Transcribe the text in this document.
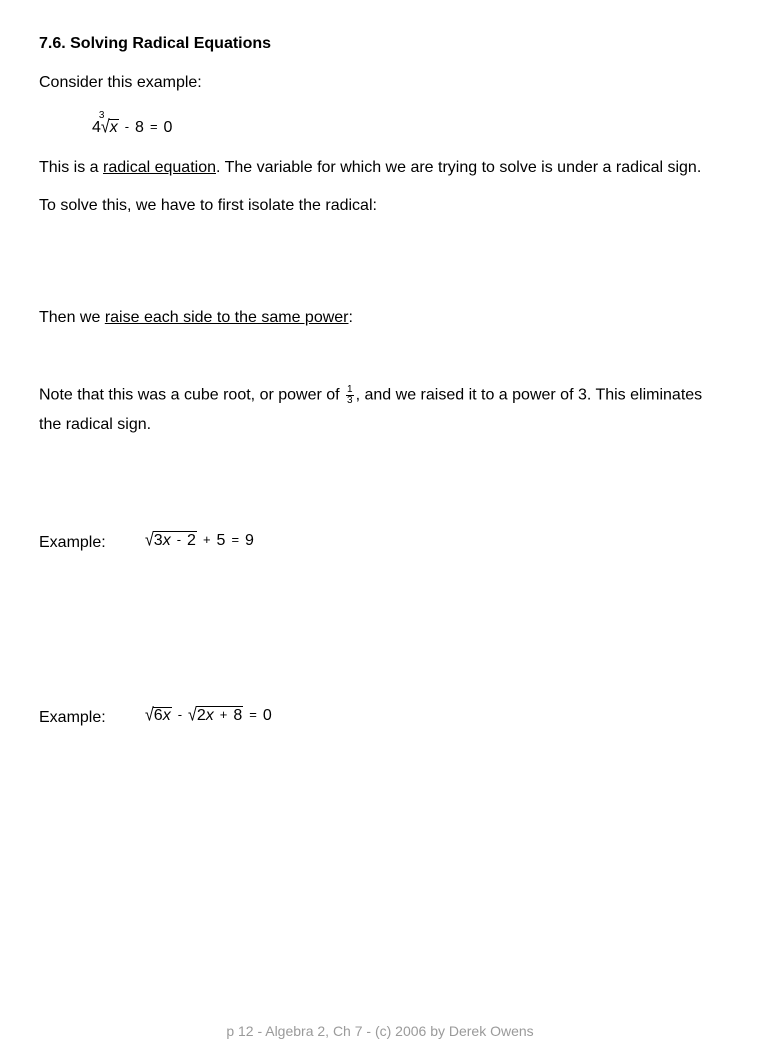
7.6. Solving Radical Equations
Consider this example:
4
3
√x - 8 = 0
This is a radical equation. The variable for which we are trying to solve is under a radical sign.
To solve this, we have to first isolate the radical:
Then we raise each side to the same power:
Note that this was a cube root, or power of $\frac{1}{3}$ , and we raised it to a power of 3. This eliminates
the radical sign.
Example: √3x - 2 + 5 = 9
Example: √6x - √2x + 8 = 0
p 12 - Algebra 2, Ch 7 - (c) 2006 by Derek Owens
